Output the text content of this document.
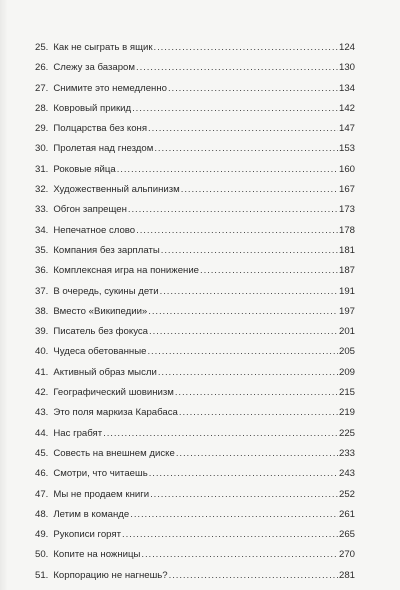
25. Как не сыграть в ящик .....	124
26. Слежу за базаром .....	130
27. Снимите это немедленно .....	134
28. Ковровый прикид .....	142
29. Полцарства без коня .....	147
30. Пролетая над гнездом .....	153
31. Роковые яйца .....	160
32. Художественный альпинизм .....	167
33. Обгон запрещен .....	173
34. Непечатное слово .....	178
35. Компания без зарплаты .....	181
36. Комплексная игра на понижение .....	187
37. В очередь, сукины дети .....	191
38. Вместо «Википедии» .....	197
39. Писатель без фокуса .....	201
40. Чудеса обетованные .....	205
41. Активный образ мысли .....	209
42. Географический шовинизм .....	215
43. Это поля маркиза Карабаса .....	219
44. Нас грабят .....	225
45. Совесть на внешнем диске .....	233
46. Смотри, что читаешь .....	243
47. Мы не продаем книги .....	252
48. Летим в команде .....	261
49. Рукописи горят .....	265
50. Копите на ножницы .....	270
51. Корпорацию не нагнешь? .....	281
